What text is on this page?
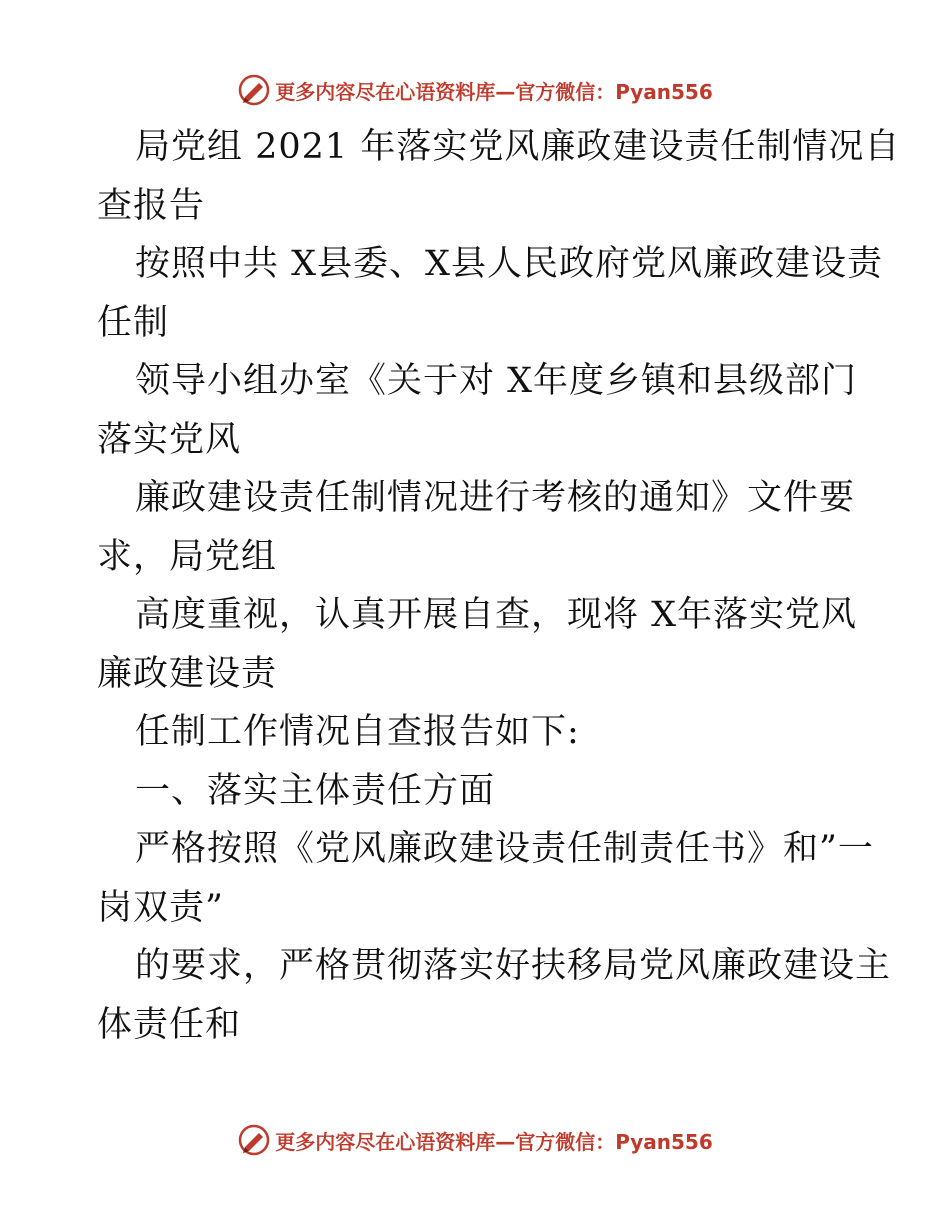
更多内容尽在心语资料库—官方微信：Pyan556
局党组 2021 年落实党风廉政建设责任制情况自
查报告
按照中共 X县委、X县人民政府党风廉政建设责
任制
领导小组办室《关于对 X年度乡镇和县级部门
落实党风
廉政建设责任制情况进行考核的通知》文件要
求，局党组
高度重视，认真开展自查，现将 X年落实党风
廉政建设责
任制工作情况自查报告如下:
一、落实主体责任方面
严格按照《党风廉政建设责任制责任书》和”一
岗双责”
的要求，严格贯彻落实好扶移局党风廉政建设主
体责任和
更多内容尽在心语资料库—官方微信：Pyan556
